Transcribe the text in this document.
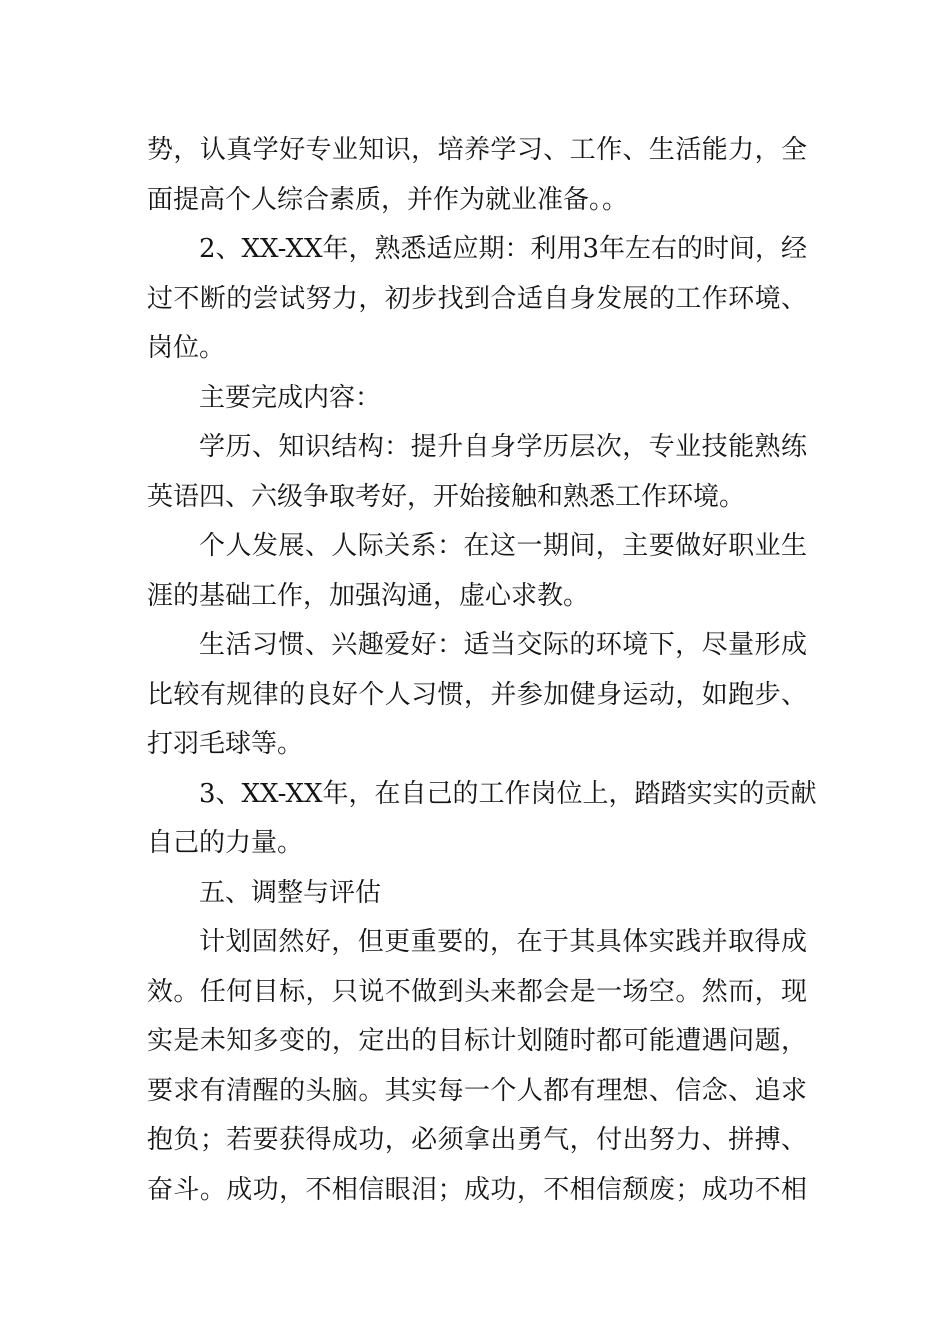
势，认真学好专业知识，培养学习、工作、生活能力，全
面提高个人综合素质，并作为就业准备。。
2、XX-XX年，熟悉适应期：利用3年左右的时间，经
过不断的尝试努力，初步找到合适自身发展的工作环境、
岗位。
主要完成内容：
学历、知识结构：提升自身学历层次，专业技能熟练
英语四、六级争取考好，开始接触和熟悉工作环境。
个人发展、人际关系：在这一期间，主要做好职业生
涯的基础工作，加强沟通，虚心求教。
生活习惯、兴趣爱好：适当交际的环境下，尽量形成
比较有规律的良好个人习惯，并参加健身运动，如跑步、
打羽毛球等。
3、XX-XX年，在自己的工作岗位上，踏踏实实的贡献
自己的力量。
五、调整与评估
计划固然好，但更重要的，在于其具体实践并取得成
效。任何目标，只说不做到头来都会是一场空。然而，现
实是未知多变的，定出的目标计划随时都可能遭遇问题，
要求有清醒的头脑。其实每一个人都有理想、信念、追求
抱负；若要获得成功，必须拿出勇气，付出努力、拼搏、
奋斗。成功，不相信眼泪；成功，不相信颓废；成功不相
